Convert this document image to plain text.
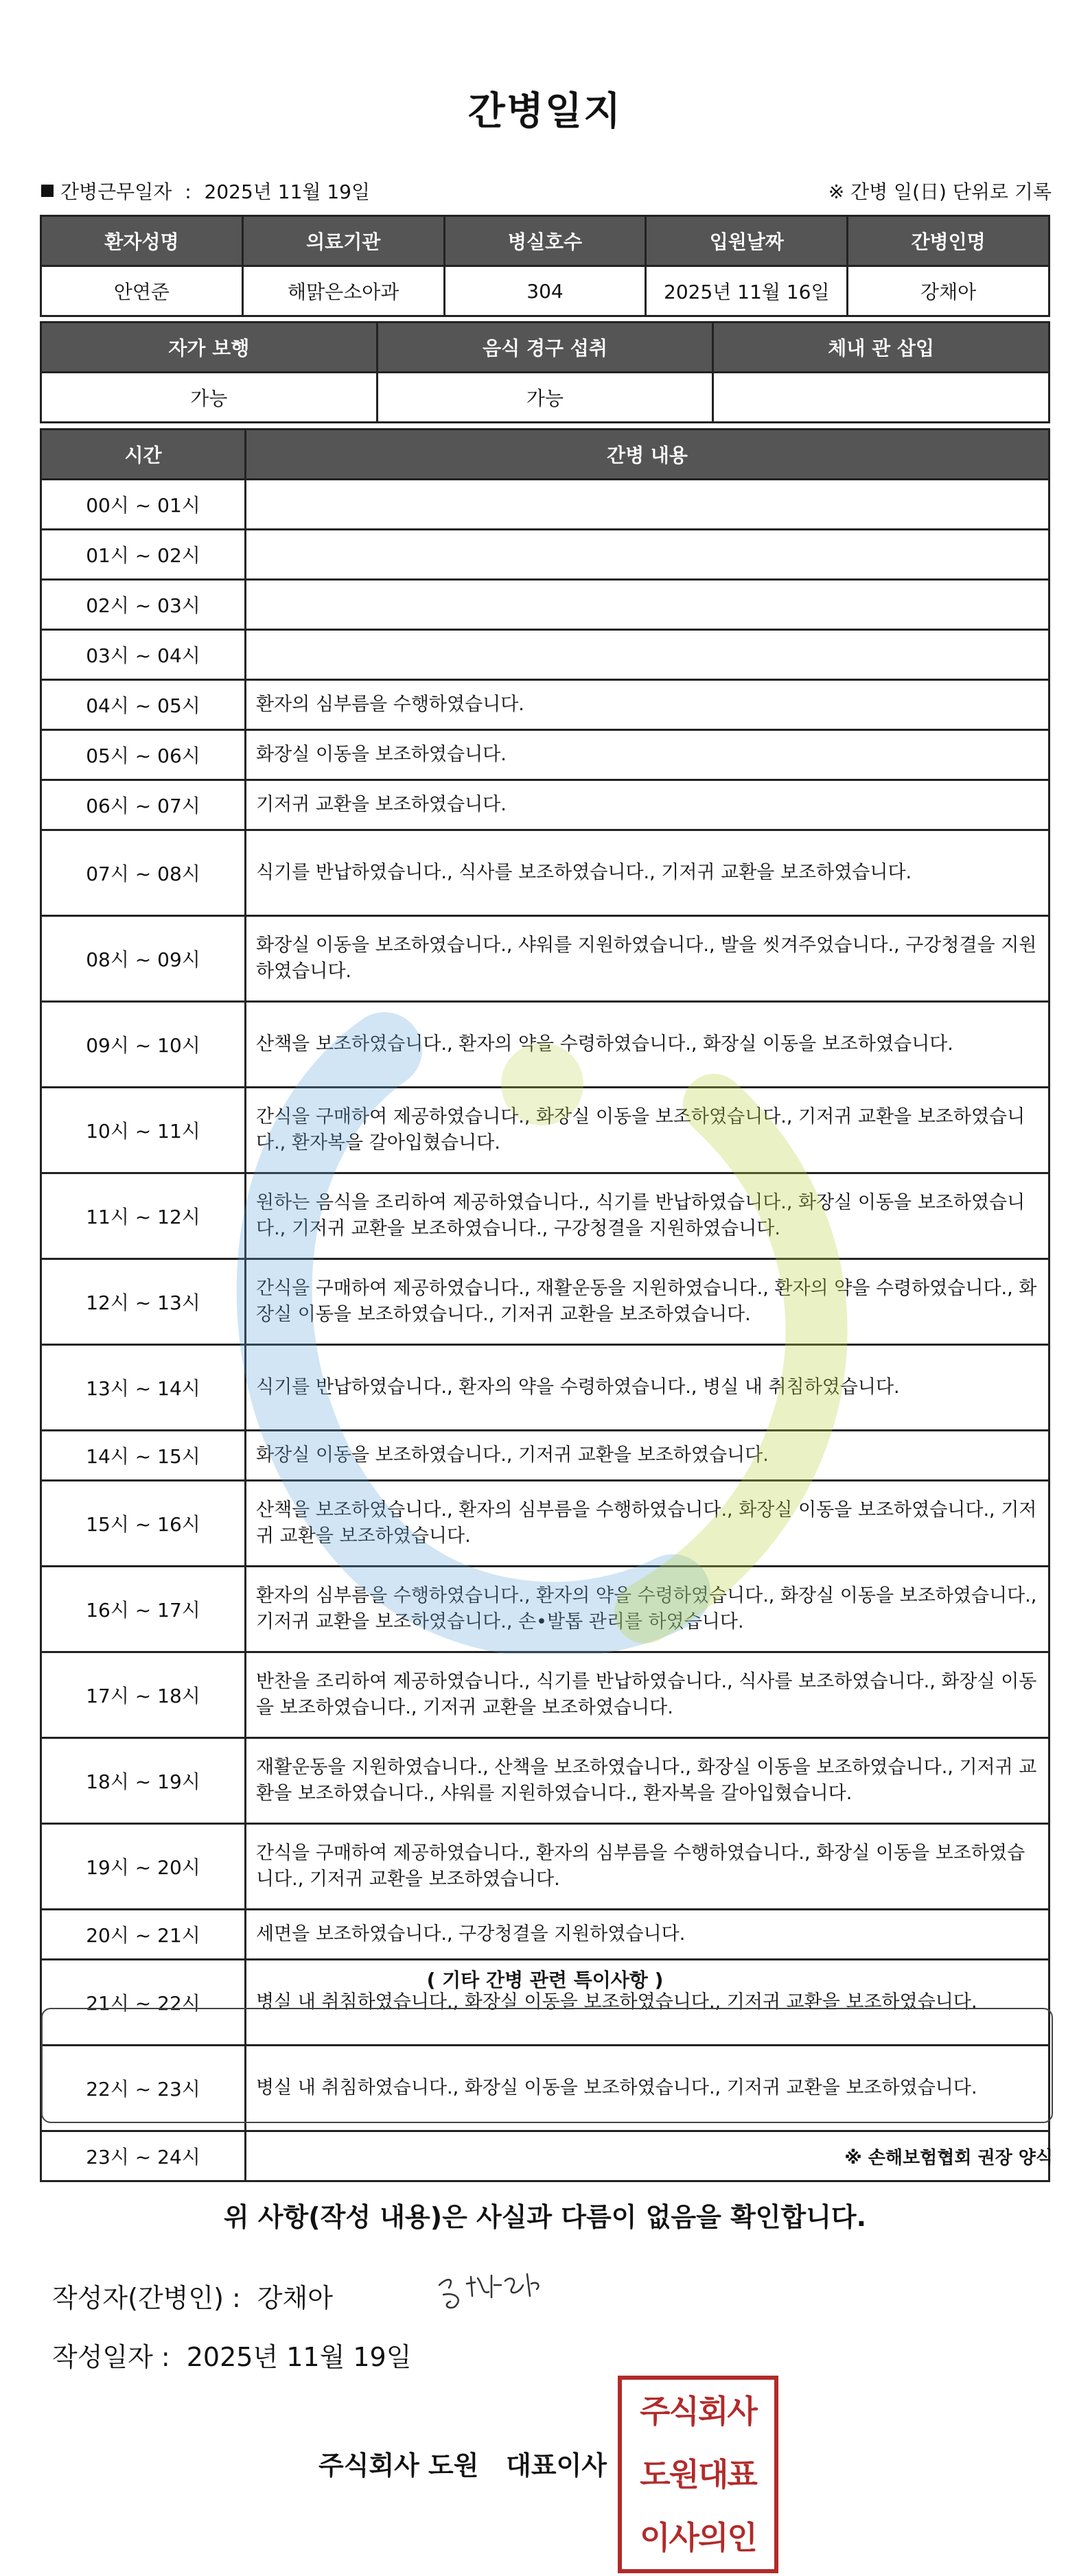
간병일지
간병근무일자 : 2025년 11월 19일	※ 간병 일(日) 단위로 기록
환자성명	의료기관	병실호수	입원날짜	간병인명
안연준	해맑은소아과	304	2025년 11월 16일	강채아
자가 보행	음식 경구 섭취	체내 관 삽입
가능	가능	
시간	간병 내용
00시 ~ 01시	
01시 ~ 02시	
02시 ~ 03시	
03시 ~ 04시	
04시 ~ 05시	환자의 심부름을 수행하였습니다.
05시 ~ 06시	화장실 이동을 보조하였습니다.
06시 ~ 07시	기저귀 교환을 보조하였습니다.
07시 ~ 08시	식기를 반납하였습니다., 식사를 보조하였습니다., 기저귀 교환을 보조하였습니다.
08시 ~ 09시	화장실 이동을 보조하였습니다., 샤워를 지원하였습니다., 발을 씻겨주었습니다., 구강청결을 지원하였습니다.
09시 ~ 10시	산책을 보조하였습니다., 환자의 약을 수령하였습니다., 화장실 이동을 보조하였습니다.
10시 ~ 11시	간식을 구매하여 제공하였습니다., 화장실 이동을 보조하였습니다., 기저귀 교환을 보조하였습니다., 환자복을 갈아입혔습니다.
11시 ~ 12시	원하는 음식을 조리하여 제공하였습니다., 식기를 반납하였습니다., 화장실 이동을 보조하였습니다., 기저귀 교환을 보조하였습니다., 구강청결을 지원하였습니다.
12시 ~ 13시	간식을 구매하여 제공하였습니다., 재활운동을 지원하였습니다., 환자의 약을 수령하였습니다., 화장실 이동을 보조하였습니다., 기저귀 교환을 보조하였습니다.
13시 ~ 14시	식기를 반납하였습니다., 환자의 약을 수령하였습니다., 병실 내 취침하였습니다.
14시 ~ 15시	화장실 이동을 보조하였습니다., 기저귀 교환을 보조하였습니다.
15시 ~ 16시	산책을 보조하였습니다., 환자의 심부름을 수행하였습니다., 화장실 이동을 보조하였습니다., 기저귀 교환을 보조하였습니다.
16시 ~ 17시	환자의 심부름을 수행하였습니다., 환자의 약을 수령하였습니다., 화장실 이동을 보조하였습니다., 기저귀 교환을 보조하였습니다., 손•발톱 관리를 하였습니다.
17시 ~ 18시	반찬을 조리하여 제공하였습니다., 식기를 반납하였습니다., 식사를 보조하였습니다., 화장실 이동을 보조하였습니다., 기저귀 교환을 보조하였습니다.
18시 ~ 19시	재활운동을 지원하였습니다., 산책을 보조하였습니다., 화장실 이동을 보조하였습니다., 기저귀 교환을 보조하였습니다., 샤워를 지원하였습니다., 환자복을 갈아입혔습니다.
19시 ~ 20시	간식을 구매하여 제공하였습니다., 환자의 심부름을 수행하였습니다., 화장실 이동을 보조하였습니다., 기저귀 교환을 보조하였습니다.
20시 ~ 21시	세면을 보조하였습니다., 구강청결을 지원하였습니다.
21시 ~ 22시	병실 내 취침하였습니다., 화장실 이동을 보조하였습니다., 기저귀 교환을 보조하였습니다.
22시 ~ 23시	병실 내 취침하였습니다., 화장실 이동을 보조하였습니다., 기저귀 교환을 보조하였습니다.
23시 ~ 24시	
( 기타 간병 관련 특이사항 )
※ 손해보험협회 권장 양식
위 사항(작성 내용)은 사실과 다름이 없음을 확인합니다.
작성자(간병인) : 강채아
작성일자 : 2025년 11월 19일
주식회사 도원   대표이사
주식회사
도원대표
이사의인
